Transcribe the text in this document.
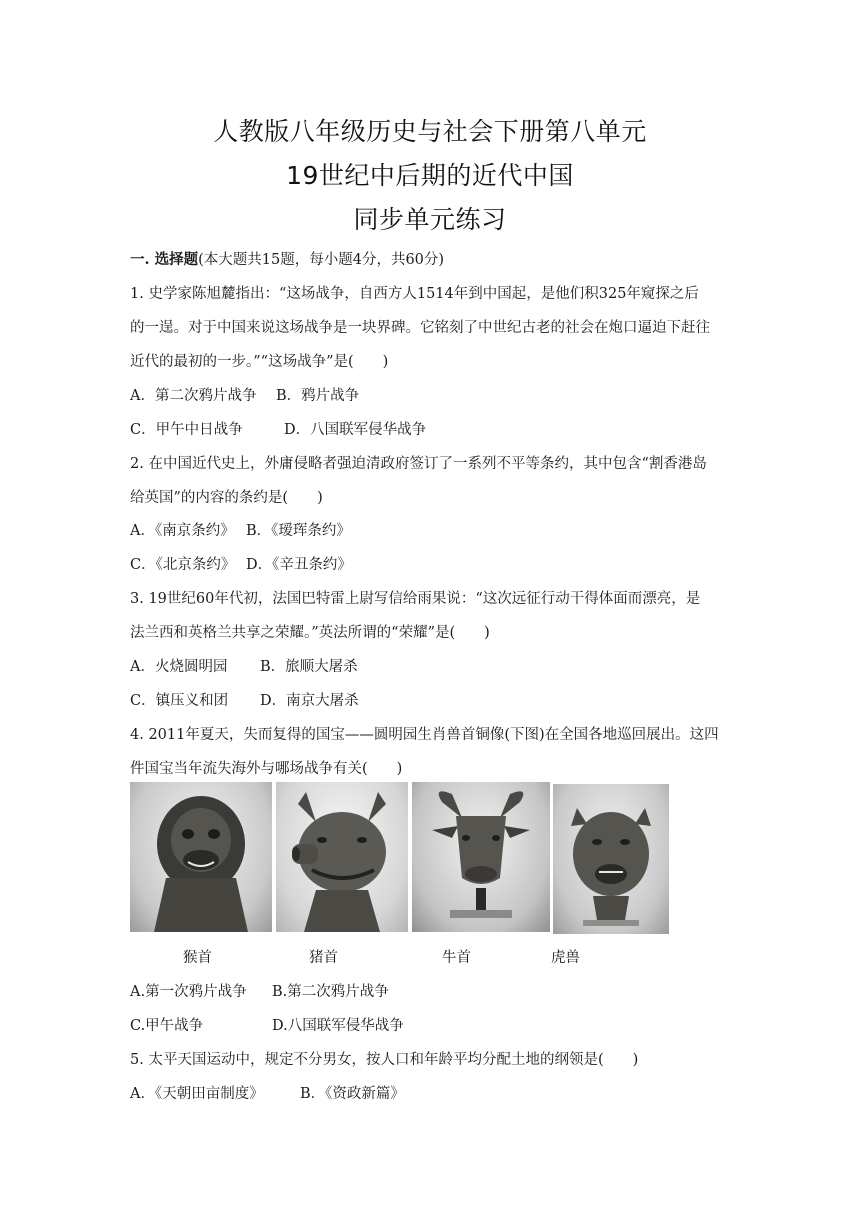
人教版八年级历史与社会下册第八单元
19世纪中后期的近代中国
同步单元练习
一. 选择题(本大题共15题，每小题4分，共60分)
1. 史学家陈旭麓指出：“这场战争，自西方人1514年到中国起，是他们积325年窥探之后
的一逞。对于中国来说这场战争是一块界碑。它铭刻了中世纪古老的社会在炮口逼迫下赶往
近代的最初的一步。”“这场战争”是(　　)
A．第二次鸦片战争 B．鸦片战争
C．甲午中日战争	D．八国联军侵华战争
2. 在中国近代史上，外庸侵略者强迫清政府签订了一系列不平等条约，其中包含“割香港岛
给英国”的内容的条约是(　　)
A．《南京条约》 B．《瑷珲条约》
C．《北京条约》 D．《辛丑条约》
3. 19世纪60年代初，法国巴特雷上尉写信给雨果说：“这次远征行动干得体面而漂亮，是
法兰西和英格兰共享之荣耀。”英法所谓的“荣耀”是(　　)
A．火烧圆明园 B．旅顺大屠杀
C．镇压义和团 D．南京大屠杀
4. 2011年夏天，失而复得的国宝——圆明园生肖兽首铜像(下图)在全国各地巡回展出。这四
件国宝当年流失海外与哪场战争有关(　　)
猴首	猪首	牛首	虎兽
A.第一次鸦片战争 B.第二次鸦片战争
C.甲午战争	D.八国联军侵华战争
5. 太平天国运动中，规定不分男女，按人口和年龄平均分配土地的纲领是(　　)
A．《天朝田亩制度》	B．《资政新篇》
